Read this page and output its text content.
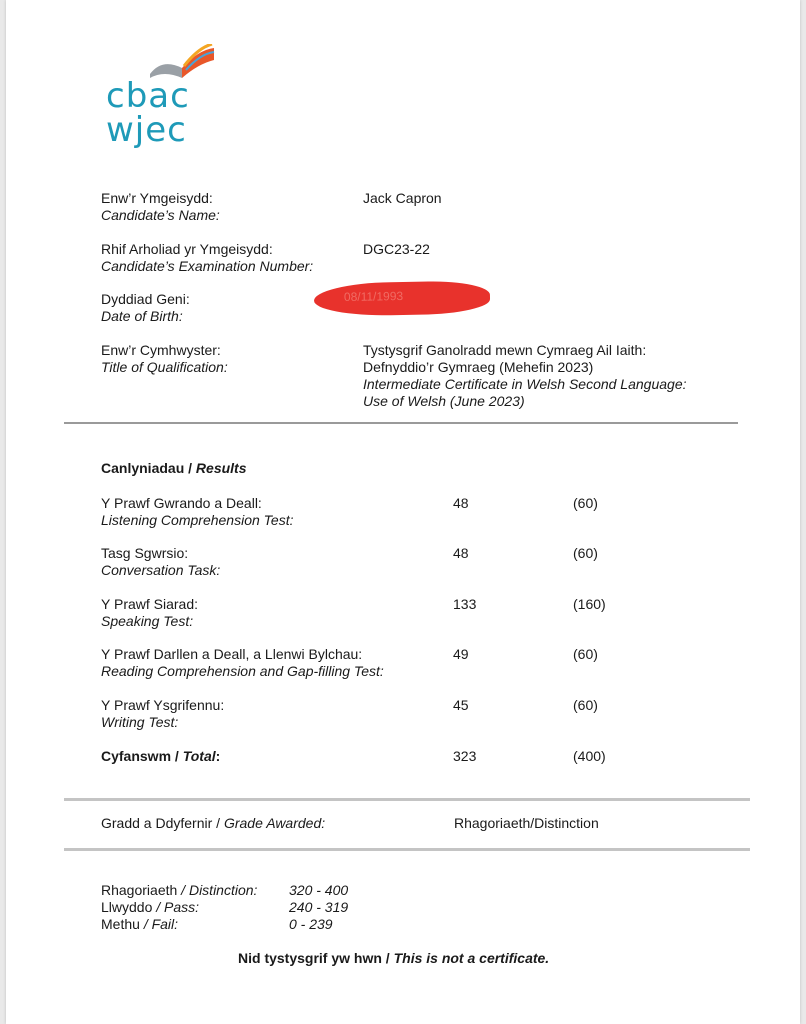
cbac
wjec
Enw’r Ymgeisydd:
Candidate’s Name:
Jack Capron
Rhif Arholiad yr Ymgeisydd:
Candidate’s Examination Number:
DGC23-22
Dyddiad Geni:
Date of Birth:
08/11/1993
Enw’r Cymhwyster:
Title of Qualification:
Tystysgrif Ganolradd mewn Cymraeg Ail Iaith:
Defnyddio’r Gymraeg (Mehefin 2023)
Intermediate Certificate in Welsh Second Language:
Use of Welsh (June 2023)
Canlyniadau / Results
Y Prawf Gwrando a Deall:
Listening Comprehension Test:
48	(60)
Tasg Sgwrsio:
Conversation Task:
48	(60)
Y Prawf Siarad:
Speaking Test:
133	(160)
Y Prawf Darllen a Deall, a Llenwi Bylchau:
Reading Comprehension and Gap-filling Test:
49	(60)
Y Prawf Ysgrifennu:
Writing Test:
45	(60)
Cyfanswm / Total:	323	(400)
Gradd a Ddyfernir / Grade Awarded:	Rhagoriaeth/Distinction
Rhagoriaeth / Distinction: 320 - 400
Llwyddo / Pass:	240 - 319
Methu / Fail:	0 - 239
Nid tystysgrif yw hwn / This is not a certificate.
